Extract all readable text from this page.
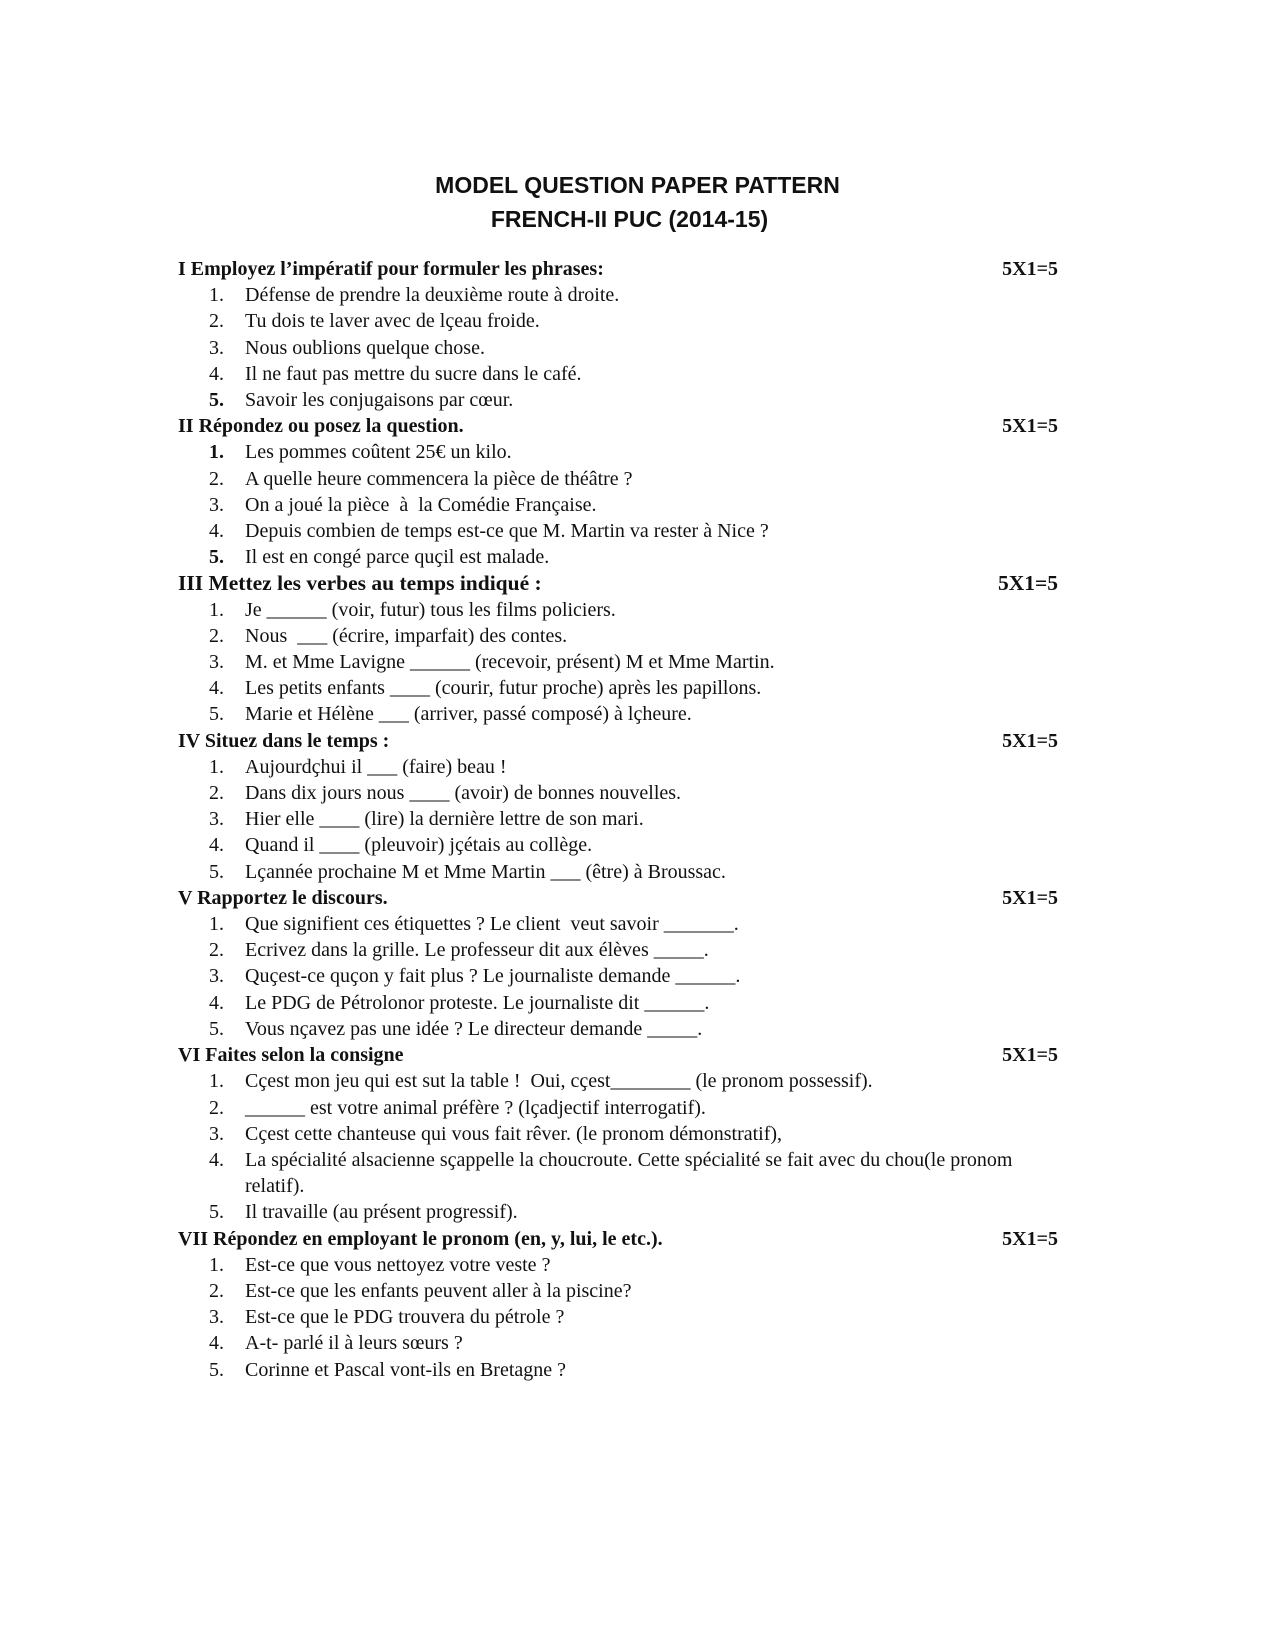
MODEL QUESTION PAPER PATTERN
FRENCH-II PUC (2014-15)
I Employez l’impératif pour formuler les phrases:	5X1=5
1.	Défense de prendre la deuxième route à droite.
2.	Tu dois te laver avec de lҫeau froide.
3.	Nous oublions quelque chose.
4.	Il ne faut pas mettre du sucre dans le café.
5.	Savoir les conjugaisons par cœur.
II Répondez ou posez la question.	5X1=5
1.	Les pommes coûtent 25€ un kilo.
2.	A quelle heure commencera la pièce de théâtre ?
3.	On a joué la pièce  à  la Comédie Française.
4.	Depuis combien de temps est-ce que M. Martin va rester à Nice ?
5.	Il est en congé parce quҫil est malade.
III Mettez les verbes au temps indiqué :	5X1=5
1.	Je ______ (voir, futur) tous les films policiers.
2.	Nous  ___ (écrire, imparfait) des contes.
3.	M. et Mme Lavigne ______ (recevoir, présent) M et Mme Martin.
4.	Les petits enfants ____ (courir, futur proche) après les papillons.
5.	Marie et Hélène ___ (arriver, passé composé) à lҫheure.
IV Situez dans le temps :	5X1=5
1.	Aujourdҫhui il ___ (faire) beau !
2.	Dans dix jours nous ____ (avoir) de bonnes nouvelles.
3.	Hier elle ____ (lire) la dernière lettre de son mari.
4.	Quand il ____ (pleuvoir) jҫétais au collège.
5.	Lҫannée prochaine M et Mme Martin ___ (être) à Broussac.
V Rapportez le discours.	5X1=5
1.	Que signifient ces étiquettes ? Le client  veut savoir _______.
2.	Ecrivez dans la grille. Le professeur dit aux élèves _____.
3.	Quҫest-ce quҫon y fait plus ? Le journaliste demande ______.
4.	Le PDG de Pétrolonor proteste. Le journaliste dit ______.
5.	Vous nҫavez pas une idée ? Le directeur demande _____.
VI Faites selon la consigne	5X1=5
1.	Cҫest mon jeu qui est sut la table !  Oui, cҫest________ (le pronom possessif).
2.	______ est votre animal préfère ? (lҫadjectif interrogatif).
3.	Cҫest cette chanteuse qui vous fait rêver. (le pronom démonstratif),
4.	La spécialité alsacienne sҫappelle la choucroute. Cette spécialité se fait avec du chou(le pronom relatif).
5.	Il travaille (au présent progressif).
VII Répondez en employant le pronom (en, y, lui, le etc.).	5X1=5
1.	Est-ce que vous nettoyez votre veste ?
2.	Est-ce que les enfants peuvent aller à la piscine?
3.	Est-ce que le PDG trouvera du pétrole ?
4.	A-t- parlé il à leurs sœurs ?
5.	Corinne et Pascal vont-ils en Bretagne ?
